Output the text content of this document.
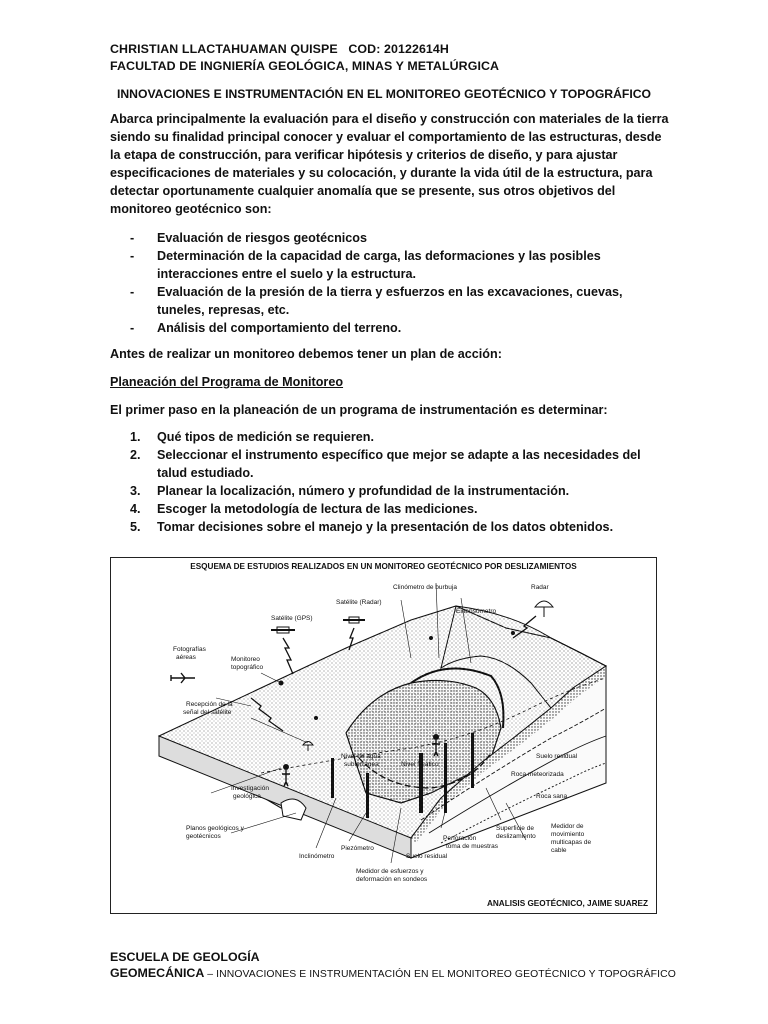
CHRISTIAN LLACTAHUAMAN QUISPE   COD: 20122614H
FACULTAD DE INGNIERÍA GEOLÓGICA, MINAS Y METALÚRGICA
INNOVACIONES E INSTRUMENTACIÓN EN EL MONITOREO GEOTÉCNICO Y TOPOGRÁFICO
Abarca principalmente la evaluación para el diseño y construcción con materiales de la tierra siendo su finalidad principal conocer y evaluar el comportamiento de las estructuras, desde la etapa de construcción, para verificar hipótesis y criterios de diseño, y para ajustar especificaciones de materiales y su colocación, y durante la vida útil de la estructura, para detectar oportunamente cualquier anomalía que se presente, sus otros objetivos del monitoreo geotécnico son:
- Evaluación de riesgos geotécnicos
- Determinación de la capacidad de carga, las deformaciones y las posibles interacciones entre el suelo y la estructura.
- Evaluación de la presión de la tierra y esfuerzos en las excavaciones, cuevas, tuneles, represas, etc.
- Análisis del comportamiento del terreno.
Antes de realizar un monitoreo debemos tener un plan de acción:
Planeación del Programa de Monitoreo
El primer paso en la planeación de un programa de instrumentación es determinar:
1. Qué tipos de medición se requieren.
2. Seleccionar el instrumento específico que mejor se adapte a las necesidades del talud estudiado.
3. Planear la localización, número y profundidad de la instrumentación.
4. Escoger la metodología de lectura de las mediciones.
5. Tomar decisiones sobre el manejo y la presentación de los datos obtenidos.
ESQUEMA DE ESTUDIOS REALIZADOS EN UN MONITOREO GEOTÉCNICO POR DESLIZAMIENTOS
Clinómetro de burbuja	Radar
Satélite (Radar)
Satélite (GPS)
Extensómetro
Fotografías
aéreas	Monitoreo
topográfico
Recepción de la
señal del satélite
Nivel de agua
subterránea	Nivel freático
Suelo residual
Roca meteorizada
Roca sana
Investigación
geológica
Planos geológicos y
geotécnicos
Superficie de
deslizamiento
Medidor de
movimiento
multicapas de
cable
Perforación
toma de muestras
Suelo residual
Piezómetro
Inclinómetro
Medidor de esfuerzos y
deformación en sondeos
ANALISIS GEOTÉCNICO, JAIME SUAREZ
ESCUELA DE GEOLOGÍA
GEOMECÁNICA – INNOVACIONES E INSTRUMENTACIÓN EN EL MONITOREO GEOTÉCNICO Y TOPOGRÁFICO
